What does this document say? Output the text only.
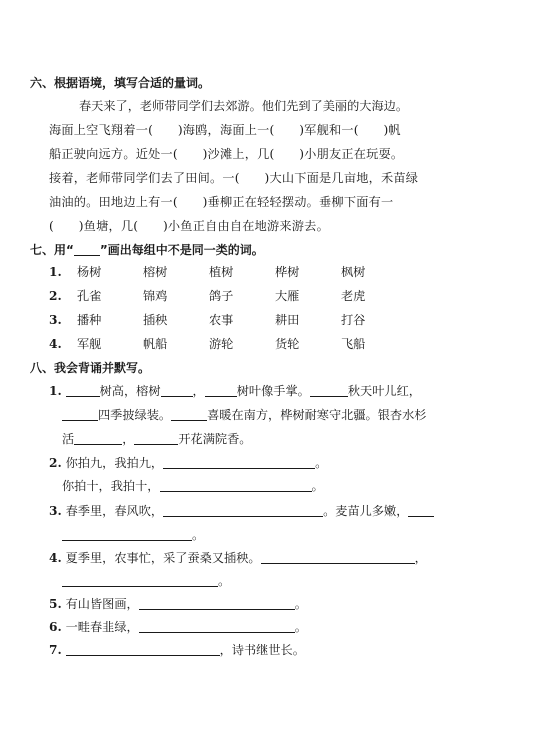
六、根据语境，填写合适的量词。
春天来了，老师带同学们去郊游。他们先到了美丽的大海边。
海面上空飞翔着一(　　)海鸥，海面上一(　　)军舰和一(　　)帆
船正驶向远方。近处一(　　)沙滩上，几(　　)小朋友正在玩耍。
接着，老师带同学们去了田间。一(　　)大山下面是几亩地，禾苗绿
油油的。田地边上有一(　　)垂柳正在轻轻摆动。垂柳下面有一
(　　)鱼塘，几(　　)小鱼正自由自在地游来游去。
七、用“ ”画出每组中不是同一类的词。
1. 杨树	榕树	植树	桦树	枫树
2. 孔雀	锦鸡	鸽子	大雁	老虎
3. 播种	插秧	农事	耕田	打谷
4. 军舰	帆船	游轮	货轮	飞船
八、我会背诵并默写。
1.	树高，榕树	，	树叶像手掌。	秋天叶儿红，
四季披绿装。	喜暖在南方，桦树耐寒守北疆。银杏水杉
活	，	开花满院香。
2. 你拍九，我拍九，	。
你拍十，我拍十，	。
3. 春季里，春风吹，	。麦苗儿多嫩，
。
4. 夏季里，农事忙，采了蚕桑又插秧。	，
。
5. 有山皆图画，	。
6. 一畦春韭绿，	。
7.	，诗书继世长。
